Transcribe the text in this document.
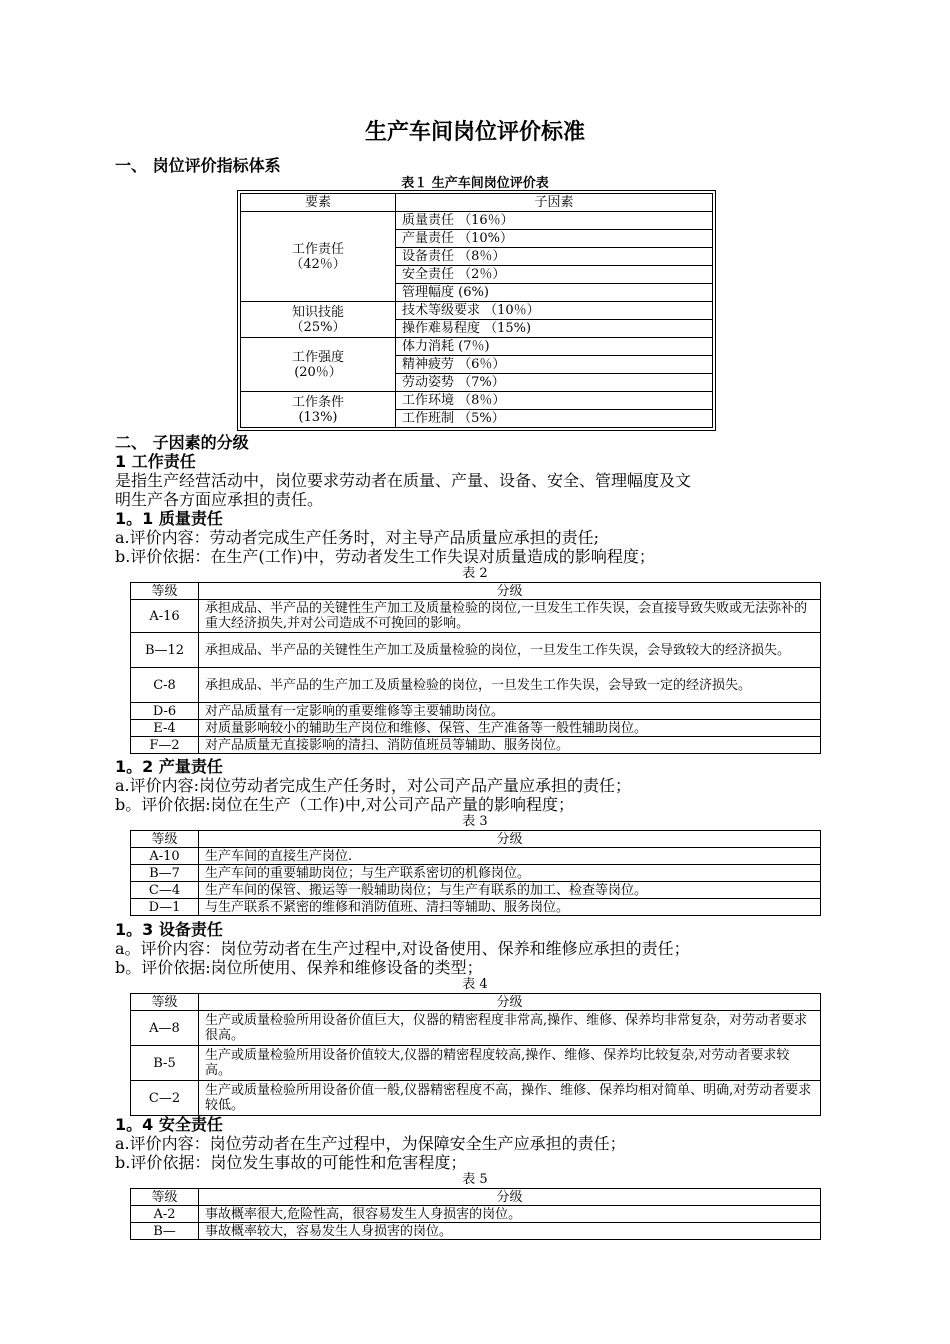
生产车间岗位评价标准
一、 岗位评价指标体系
表１ 生产车间岗位评价表
要素	子因素

工作责任
（42％）	质量责任 （16％）
	产量责任 （10%）
	设备责任 （8％）
	安全责任 （2％）
	管理幅度 (6%)

知识技能
（25%）	技术等级要求 （10％）
	操作难易程度 （15%)

工作强度
(20％）	体力消耗 (7％)
	精神疲劳 （6％）
	劳动姿势 （7%）

工作条件
(13%)	工作环境 （8％）
	工作班制 （5%）
二、 子因素的分级
1 工作责任
是指生产经营活动中，岗位要求劳动者在质量、产量、设备、安全、管理幅度及文
明生产各方面应承担的责任。
1。1 质量责任
a.评价内容：劳动者完成生产任务时，对主导产品质量应承担的责任;
b.评价依据：在生产(工作)中，劳动者发生工作失误对质量造成的影响程度；
表 2
等级	分级
A-16	承担成品、半产品的关键性生产加工及质量检验的岗位,一旦发生工作失误，会直接导致失败或无法弥补的重大经济损失,并对公司造成不可挽回的影响。
B—12	承担成品、半产品的关键性生产加工及质量检验的岗位，一旦发生工作失误，会导致较大的经济损失。
C-8	承担成品、半产品的生产加工及质量检验的岗位，一旦发生工作失误，会导致一定的经济损失。
D-6	对产品质量有一定影响的重要维修等主要辅助岗位。
E-4	对质量影响较小的辅助生产岗位和维修、保管、生产准备等一般性辅助岗位。
F—2	对产品质量无直接影响的清扫、消防值班员等辅助、服务岗位。
1。2 产量责任
a.评价内容:岗位劳动者完成生产任务时，对公司产品产量应承担的责任；
b。评价依据:岗位在生产（工作)中,对公司产品产量的影响程度；
表 3
等级	分级
A-10	生产车间的直接生产岗位.
B—7	生产车间的重要辅助岗位；与生产联系密切的机修岗位。
C—4	生产车间的保管、搬运等一般辅助岗位；与生产有联系的加工、检查等岗位。
D—1	与生产联系不紧密的维修和消防值班、清扫等辅助、服务岗位。
1。3 设备责任
a。评价内容：岗位劳动者在生产过程中,对设备使用、保养和维修应承担的责任；
b。评价依据:岗位所使用、保养和维修设备的类型；
表 4
等级	分级
A—8	生产或质量检验所用设备价值巨大，仪器的精密程度非常高,操作、维修、保养均非常复杂，对劳动者要求很高。
B-5	生产或质量检验所用设备价值较大,仪器的精密程度较高,操作、维修、保养均比较复杂,对劳动者要求较高。
C—2	生产或质量检验所用设备价值一般,仪器精密程度不高，操作、维修、保养均相对简单、明确,对劳动者要求较低。
1。4 安全责任
a.评价内容：岗位劳动者在生产过程中，为保障安全生产应承担的责任；
b.评价依据：岗位发生事故的可能性和危害程度；
表 5
等级	分级
A-2	事故概率很大,危险性高，很容易发生人身损害的岗位。
B—	事故概率较大，容易发生人身损害的岗位。
